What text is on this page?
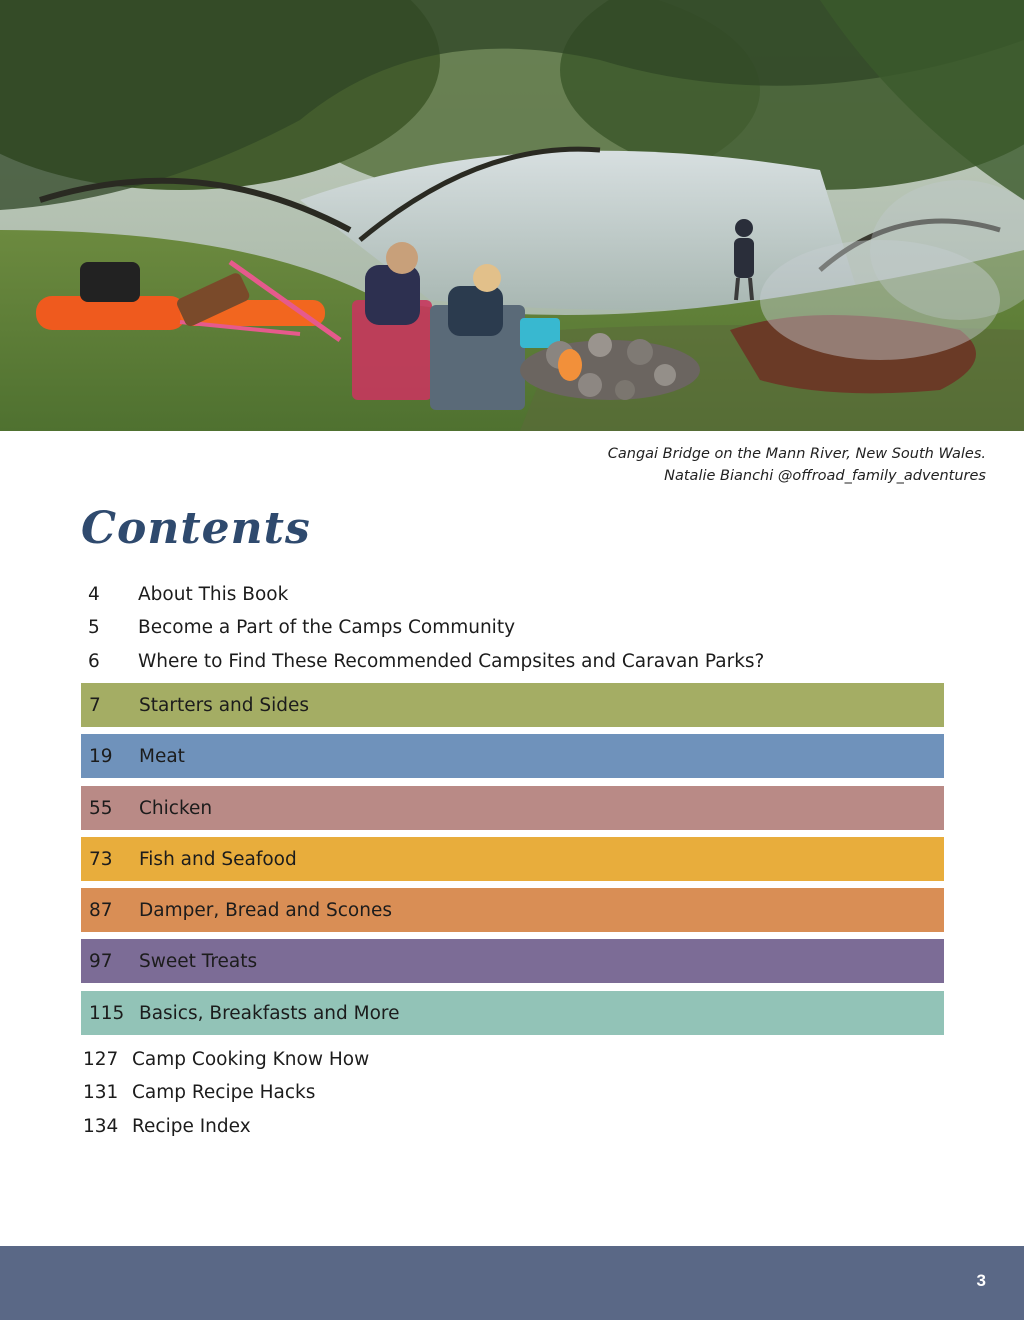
Cangai Bridge on the Mann River, New South Wales.
Natalie Bianchi @offroad_family_adventures
Contents
4	About This Book
5	Become a Part of the Camps Community
6	Where to Find These Recommended Campsites and Caravan Parks?
7	Starters and Sides
19	Meat
55	Chicken
73	Fish and Seafood
87	Damper, Bread and Scones
97	Sweet Treats
115 Basics, Breakfasts and More
127 Camp Cooking Know How
131 Camp Recipe Hacks
134 Recipe Index
3
